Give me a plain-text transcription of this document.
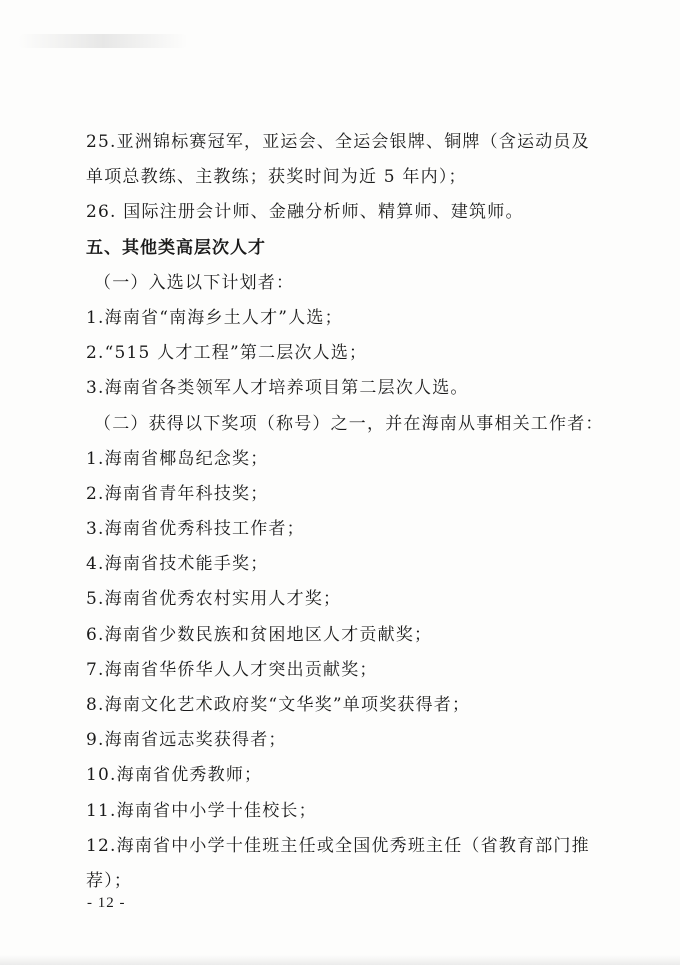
25.亚洲锦标赛冠军，亚运会、全运会银牌、铜牌（含运动员及
单项总教练、主教练；获奖时间为近 5 年内）；
26. 国际注册会计师、金融分析师、精算师、建筑师。
五、其他类高层次人才
（一）入选以下计划者：
1.海南省“南海乡土人才”人选；
2.“515 人才工程”第二层次人选；
3.海南省各类领军人才培养项目第二层次人选。
（二）获得以下奖项（称号）之一，并在海南从事相关工作者：
1.海南省椰岛纪念奖；
2.海南省青年科技奖；
3.海南省优秀科技工作者；
4.海南省技术能手奖；
5.海南省优秀农村实用人才奖；
6.海南省少数民族和贫困地区人才贡献奖；
7.海南省华侨华人人才突出贡献奖；
8.海南文化艺术政府奖“文华奖”单项奖获得者；
9.海南省远志奖获得者；
10.海南省优秀教师；
11.海南省中小学十佳校长；
12.海南省中小学十佳班主任或全国优秀班主任（省教育部门推
荐）；
- 12 -
